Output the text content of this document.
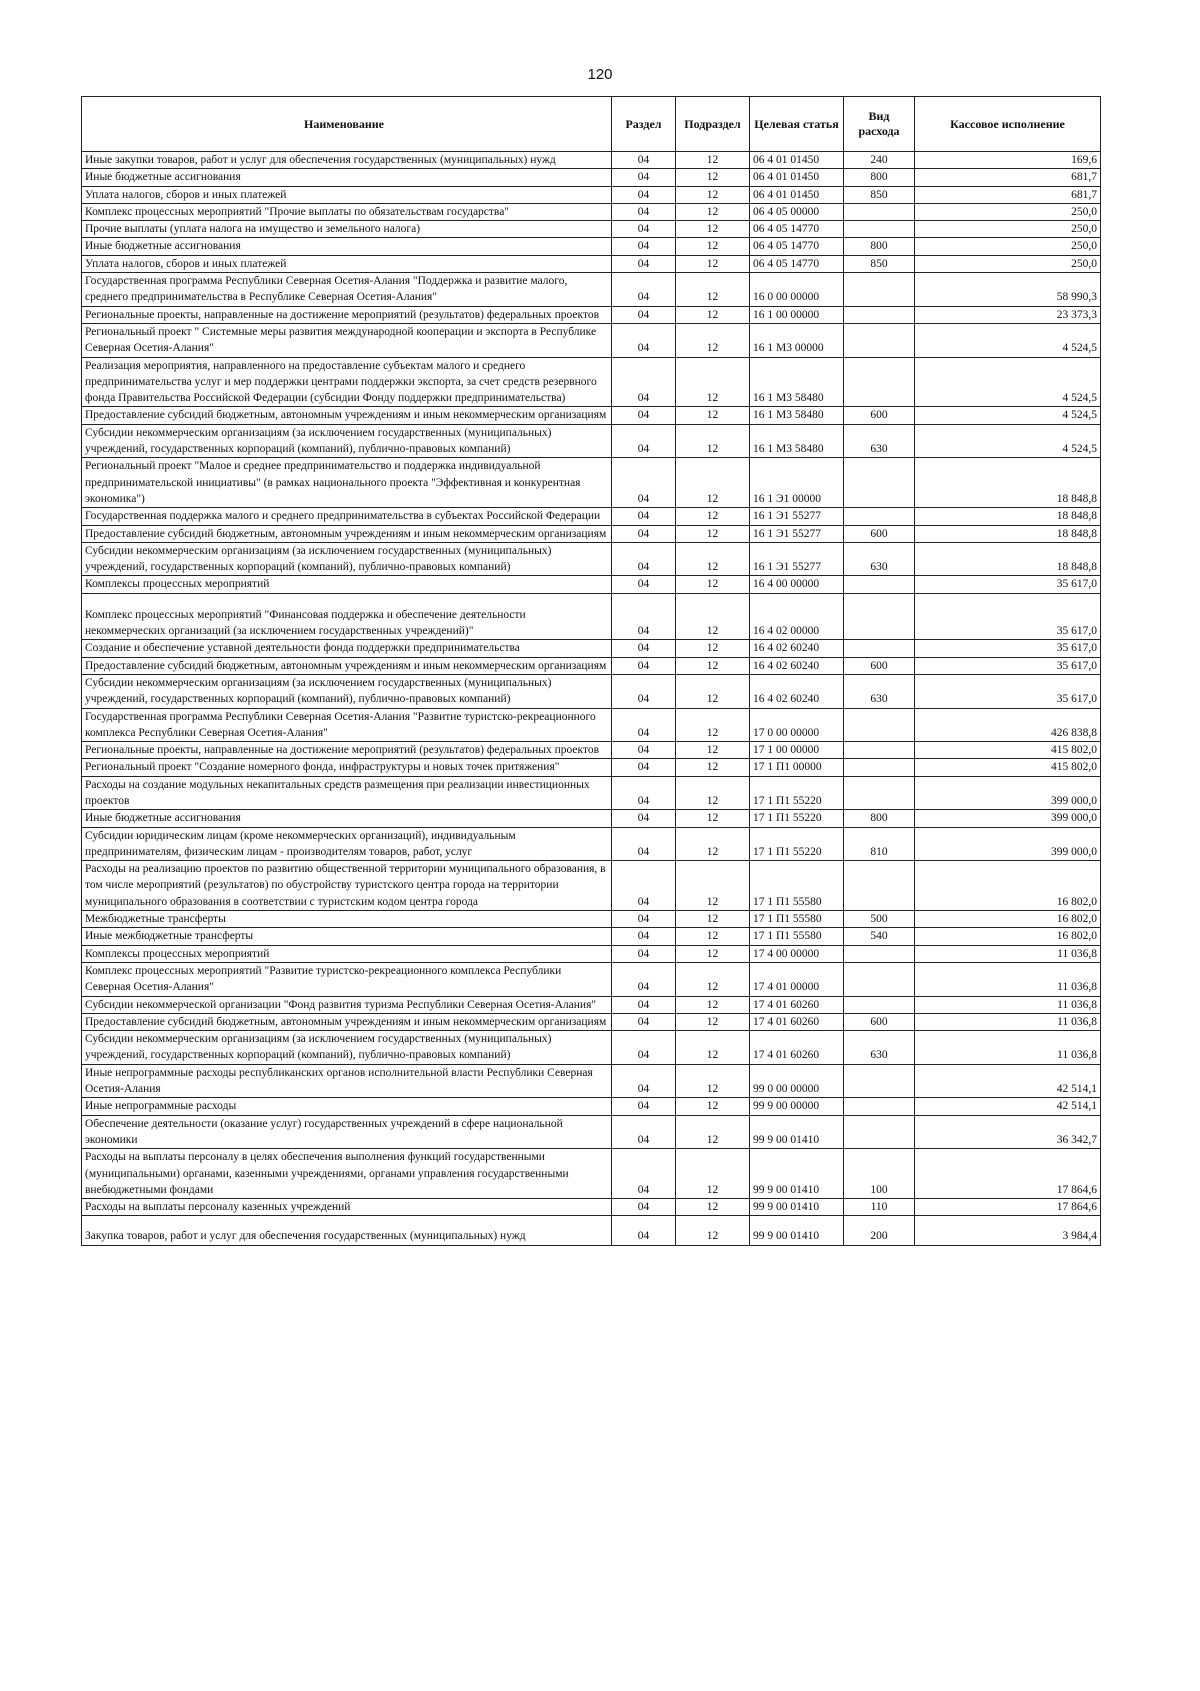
120
Наименование	Раздел	Подраздел	Целевая статья	Вид расхода	Кассовое исполнение
Иные закупки товаров, работ и услуг для обеспечения государственных (муниципальных) нужд	04	12	06 4 01 01450	240	169,6
Иные бюджетные ассигнования	04	12	06 4 01 01450	800	681,7
Уплата налогов, сборов и иных платежей	04	12	06 4 01 01450	850	681,7
Комплекс процессных мероприятий "Прочие выплаты по обязательствам государства"	04	12	06 4 05 00000		250,0
Прочие выплаты (уплата налога на имущество и земельного налога)	04	12	06 4 05 14770		250,0
Иные бюджетные ассигнования	04	12	06 4 05 14770	800	250,0
Уплата налогов, сборов и иных платежей	04	12	06 4 05 14770	850	250,0
Государственная программа Республики Северная Осетия-Алания "Поддержка и развитие малого, среднего предпринимательства в Республике Северная Осетия-Алания"	04	12	16 0 00 00000		58 990,3
Региональные проекты, направленные на достижение мероприятий (результатов) федеральных проектов	04	12	16 1 00 00000		23 373,3
Региональный проект " Системные меры развития международной кооперации и экспорта в Республике Северная Осетия-Алания"	04	12	16 1 М3 00000		4 524,5
Реализация мероприятия, направленного на предоставление субъектам малого и среднего предпринимательства услуг и мер поддержки центрами поддержки экспорта, за счет средств резервного фонда Правительства Российской Федерации (субсидии Фонду поддержки предпринимательства)	04	12	16 1 М3 58480		4 524,5
Предоставление субсидий бюджетным, автономным учреждениям и иным некоммерческим организациям	04	12	16 1 М3 58480	600	4 524,5
Субсидии некоммерческим организациям (за исключением государственных (муниципальных) учреждений, государственных корпораций (компаний), публично-правовых компаний)	04	12	16 1 М3 58480	630	4 524,5
Региональный проект "Малое и среднее предпринимательство и поддержка индивидуальной предпринимательской инициативы" (в рамках национального проекта "Эффективная и конкурентная экономика")	04	12	16 1 Э1 00000		18 848,8
Государственная поддержка малого и среднего предпринимательства в субъектах Российской Федерации	04	12	16 1 Э1 55277		18 848,8
Предоставление субсидий бюджетным, автономным учреждениям и иным некоммерческим организациям	04	12	16 1 Э1 55277	600	18 848,8
Субсидии некоммерческим организациям (за исключением государственных (муниципальных) учреждений, государственных корпораций (компаний), публично-правовых компаний)	04	12	16 1 Э1 55277	630	18 848,8
Комплексы процессных мероприятий	04	12	16 4 00 00000		35 617,0
Комплекс процессных мероприятий "Финансовая поддержка и обеспечение деятельности некоммерческих организаций (за исключением государственных учреждений)"	04	12	16 4 02 00000		35 617,0
Создание и обеспечение уставной деятельности фонда поддержки предпринимательства	04	12	16 4 02 60240		35 617,0
Предоставление субсидий бюджетным, автономным учреждениям и иным некоммерческим организациям	04	12	16 4 02 60240	600	35 617,0
Субсидии некоммерческим организациям (за исключением государственных (муниципальных) учреждений, государственных корпораций (компаний), публично-правовых компаний)	04	12	16 4 02 60240	630	35 617,0
Государственная программа Республики Северная Осетия-Алания "Развитие туристско-рекреационного комплекса Республики Северная Осетия-Алания"	04	12	17 0 00 00000		426 838,8
Региональные проекты, направленные на достижение мероприятий (результатов) федеральных проектов	04	12	17 1 00 00000		415 802,0
Региональный проект "Создание номерного фонда, инфраструктуры и новых точек притяжения"	04	12	17 1 П1 00000		415 802,0
Расходы на создание модульных некапитальных средств размещения при реализации инвестиционных проектов	04	12	17 1 П1 55220		399 000,0
Иные бюджетные ассигнования	04	12	17 1 П1 55220	800	399 000,0
Субсидии юридическим лицам (кроме некоммерческих организаций), индивидуальным предпринимателям, физическим лицам - производителям товаров, работ, услуг	04	12	17 1 П1 55220	810	399 000,0
Расходы на реализацию проектов по развитию общественной территории муниципального образования, в том числе мероприятий (результатов) по обустройству туристского центра города на территории муниципального образования в соответствии с туристским кодом центра города	04	12	17 1 П1 55580		16 802,0
Межбюджетные трансферты	04	12	17 1 П1 55580	500	16 802,0
Иные межбюджетные трансферты	04	12	17 1 П1 55580	540	16 802,0
Комплексы процессных мероприятий	04	12	17 4 00 00000		11 036,8
Комплекс процессных мероприятий "Развитие туристско-рекреационного комплекса Республики Северная Осетия-Алания"	04	12	17 4 01 00000		11 036,8
Субсидии некоммерческой организации "Фонд развития туризма Республики Северная Осетия-Алания"	04	12	17 4 01 60260		11 036,8
Предоставление субсидий бюджетным, автономным учреждениям и иным некоммерческим организациям	04	12	17 4 01 60260	600	11 036,8
Субсидии некоммерческим организациям (за исключением государственных (муниципальных) учреждений, государственных корпораций (компаний), публично-правовых компаний)	04	12	17 4 01 60260	630	11 036,8
Иные непрограммные расходы республиканских органов исполнительной власти Республики Северная Осетия-Алания	04	12	99 0 00 00000		42 514,1
Иные непрограммные расходы	04	12	99 9 00 00000		42 514,1
Обеспечение деятельности (оказание услуг) государственных учреждений в сфере национальной экономики	04	12	99 9 00 01410		36 342,7
Расходы на выплаты персоналу в целях обеспечения выполнения функций государственными (муниципальными) органами, казенными учреждениями, органами управления государственными внебюджетными фондами	04	12	99 9 00 01410	100	17 864,6
Расходы на выплаты персоналу казенных учреждений	04	12	99 9 00 01410	110	17 864,6
Закупка товаров, работ и услуг для обеспечения государственных (муниципальных) нужд	04	12	99 9 00 01410	200	3 984,4
